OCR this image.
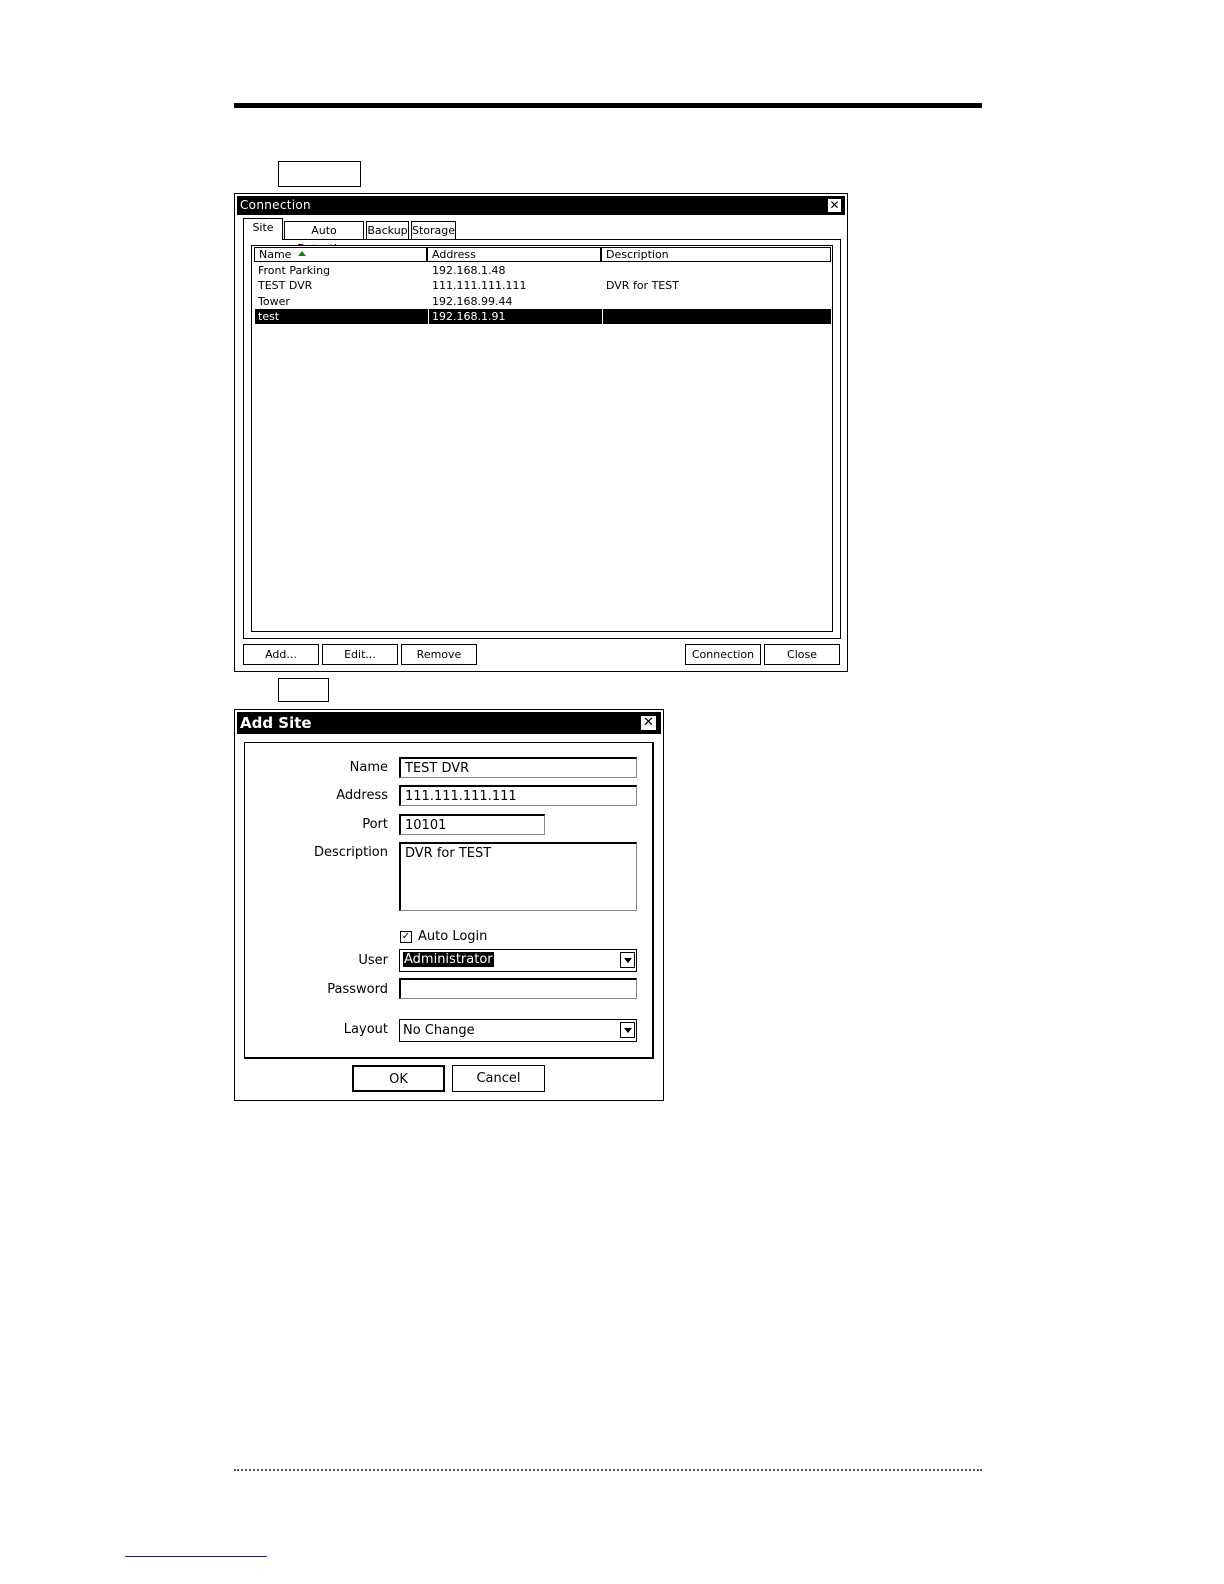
Connection	✕
Site	Auto	Backup Storage
Name	Address	Description
Front Parking	192.168.1.48
TEST DVR	111.111.111.111	DVR for TEST
Tower	192.168.99.44
test	192.168.1.91
Add...	Edit...	Remove	Connection	Close
Add Site	✕
Name	TEST DVR
Address	111.111.111.111
Port	10101
Description	DVR for TEST
✓ Auto Login
User	Administrator
Password
Layout	No Change
OK	Cancel
